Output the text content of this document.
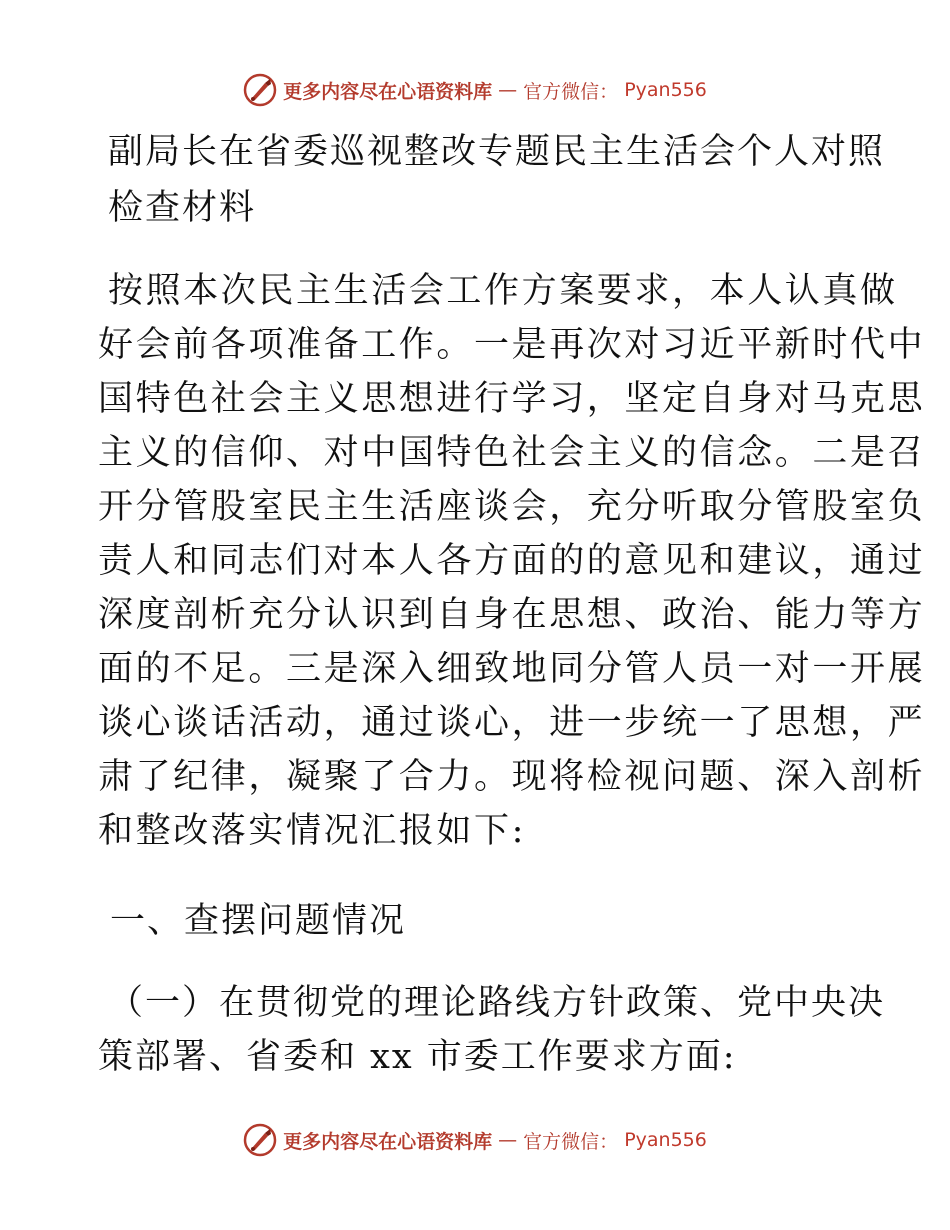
更多内容尽在心语资料库 — 官方微信： Pyan556
副局长在省委巡视整改专题民主生活会个人对照
检查材料
按照本次民主生活会工作方案要求，本人认真做
好会前各项准备工作。一是再次对习近平新时代中
国特色社会主义思想进行学习，坚定自身对马克思
主义的信仰、对中国特色社会主义的信念。二是召
开分管股室民主生活座谈会，充分听取分管股室负
责人和同志们对本人各方面的的意见和建议，通过
深度剖析充分认识到自身在思想、政治、能力等方
面的不足。三是深入细致地同分管人员一对一开展
谈心谈话活动，通过谈心，进一步统一了思想，严
肃了纪律，凝聚了合力。现将检视问题、深入剖析
和整改落实情况汇报如下:
一、查摆问题情况
（一）在贯彻党的理论路线方针政策、党中央决
策部署、省委和 xx 市委工作要求方面:
更多内容尽在心语资料库 — 官方微信： Pyan556
